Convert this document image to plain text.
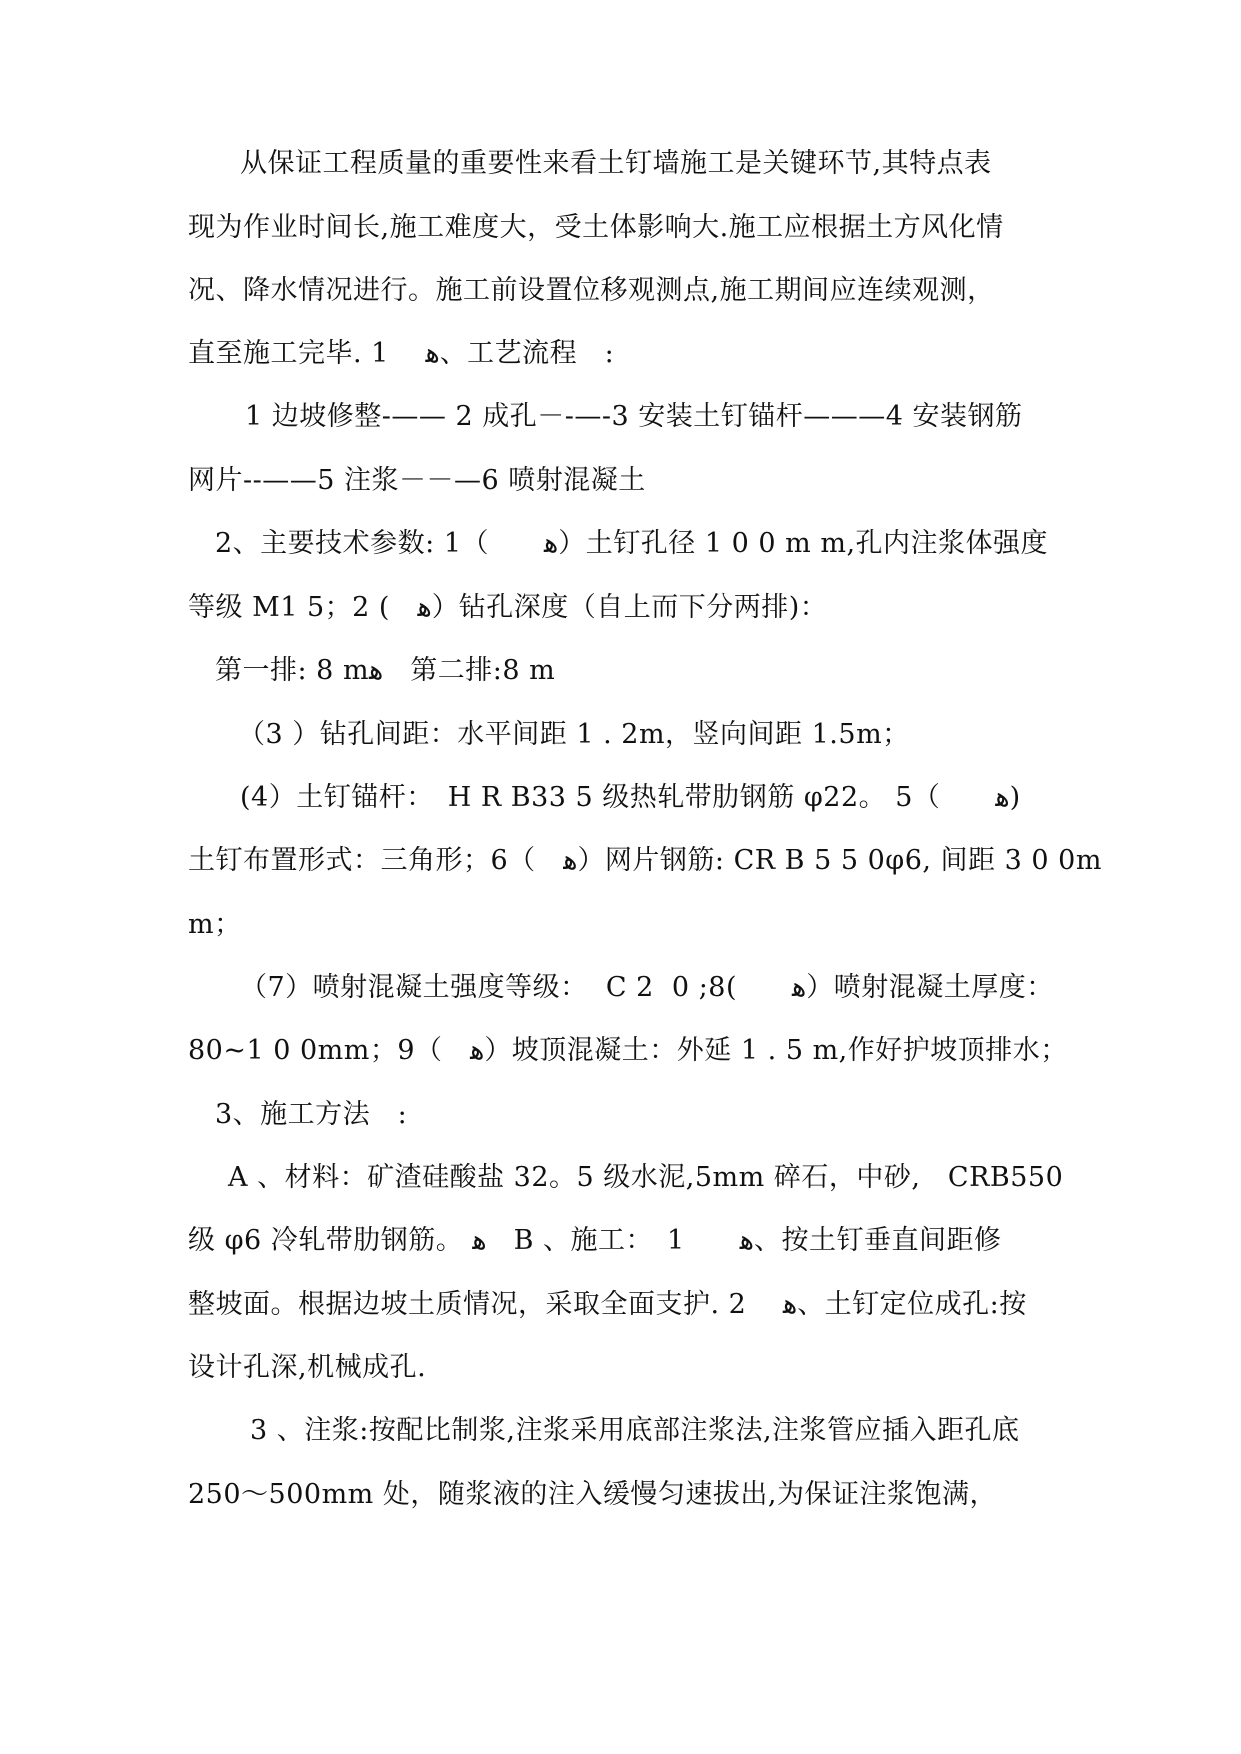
从保证工程质量的重要性来看土钉墙施工是关键环节,其特点表
现为作业时间长,施工难度大，受土体影响大.施工应根据土方风化情
况、降水情况进行。施工前设置位移观测点,施工期间应连续观测，
直至施工完毕. 1　 ﻿ﻫ、工艺流程　:
1 边坡修整-—— 2 成孔－-—-3 安装土钉锚杆———4 安装钢筋
网片--——5 注浆－－—6 喷射混凝土
2、主要技术参数: 1（　　ﻫ）土钉孔径 1 0 0 m m,孔内注浆体强度
等级 M1 5；2 (　ﻫ）钻孔深度（自上而下分两排)：
第一排: 8 mﻫ　第二排:8 m
（3 ）钻孔间距：水平间距 1 . 2m，竖向间距 1.5m；
(4）土钉锚杆：　H R B33 5 级热轧带肋钢筋 φ22。 5（　　ﻫ)
土钉布置形式：三角形；6（　ﻫ）网片钢筋: CR B 5 5 0φ6, 间距 3 0 0m
m；
（7）喷射混凝土强度等级：  C 2  0 ;8(　　ﻫ）喷射混凝土厚度：
80~1 0 0mm；9（　ﻫ）坡顶混凝土：外延 1 . 5 m,作好护坡顶排水；
3、施工方法　:
A 、材料：矿渣硅酸盐 32。5 级水泥,5mm 碎石，中砂,　CRB550
级 φ6 冷轧带肋钢筋。 ﻫ　B 、施工：　1　　ﻫ、按土钉垂直间距修
整坡面。根据边坡土质情况，采取全面支护. 2　 ﻫ、土钉定位成孔:按
设计孔深,机械成孔.
3 、注浆:按配比制浆,注浆采用底部注浆法,注浆管应插入距孔底
250～500mm 处，随浆液的注入缓慢匀速拔出,为保证注浆饱满，
